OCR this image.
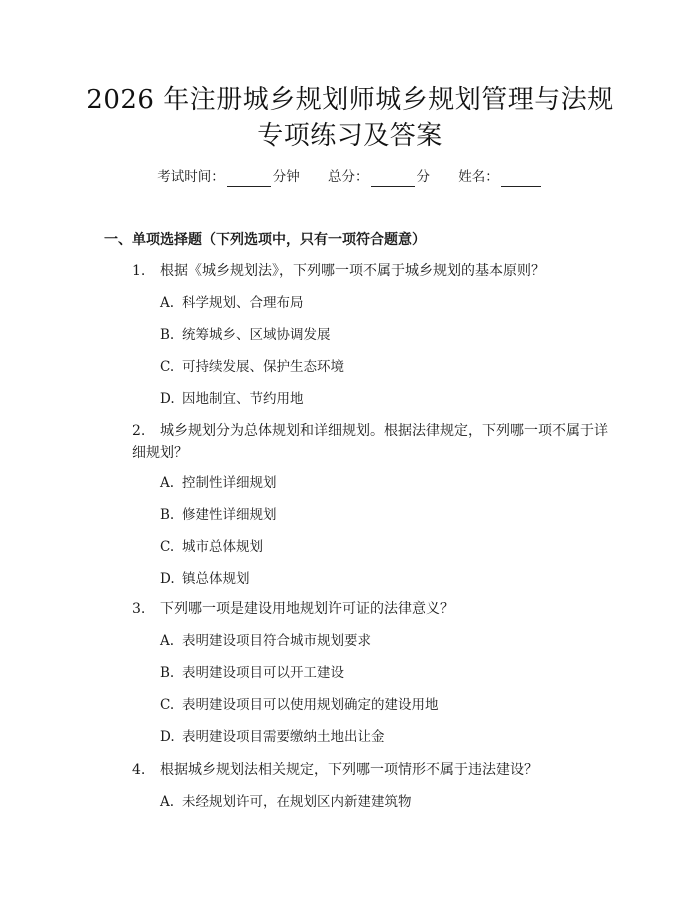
2026 年注册城乡规划师城乡规划管理与法规
专项练习及答案
考试时间：	分钟 总分：	分 姓名：
一、单项选择题（下列选项中，只有一项符合题意）
1. 根据《城乡规划法》，下列哪一项不属于城乡规划的基本原则？
A. 科学规划、合理布局
B. 统筹城乡、区域协调发展
C. 可持续发展、保护生态环境
D. 因地制宜、节约用地
2. 城乡规划分为总体规划和详细规划。根据法律规定，下列哪一项不属于详
细规划？
A. 控制性详细规划
B. 修建性详细规划
C. 城市总体规划
D. 镇总体规划
3. 下列哪一项是建设用地规划许可证的法律意义？
A. 表明建设项目符合城市规划要求
B. 表明建设项目可以开工建设
C. 表明建设项目可以使用规划确定的建设用地
D. 表明建设项目需要缴纳土地出让金
4. 根据城乡规划法相关规定，下列哪一项情形不属于违法建设？
A. 未经规划许可，在规划区内新建建筑物
